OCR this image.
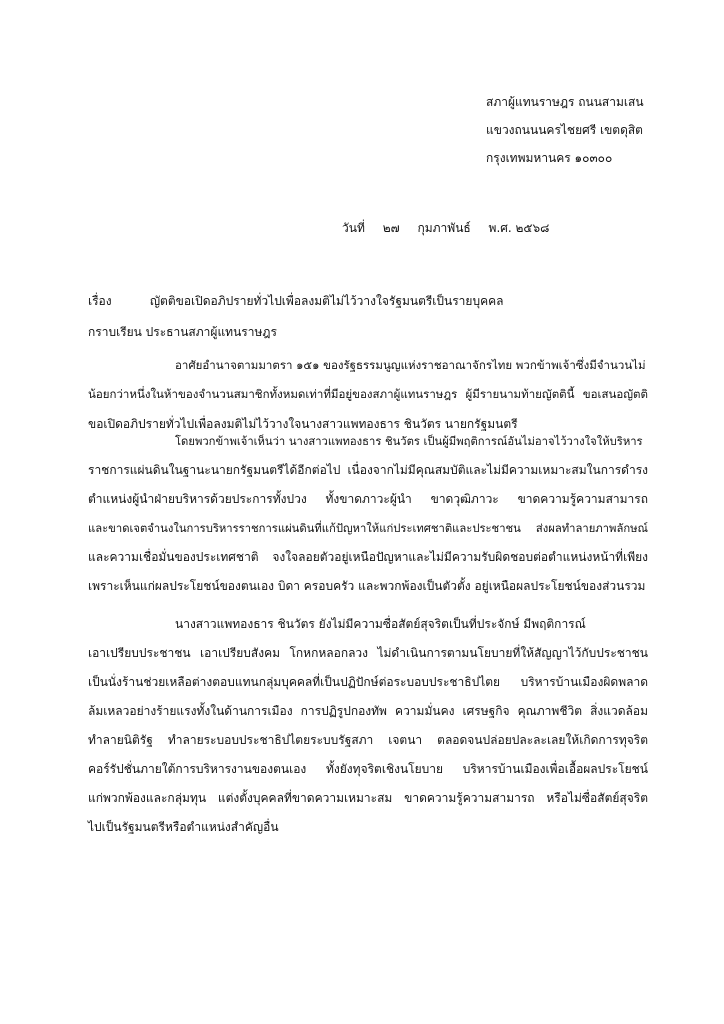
สภาผู้แทนราษฎร ถนนสามเสน
แขวงถนนนครไชยศรี เขตดุสิต
กรุงเทพมหานคร ๑๐๓๐๐
วันที่ ๒๗ กุมภาพันธ์ พ.ศ. ๒๕๖๘
เรื่อง	ญัตติขอเปิดอภิปรายทั่วไปเพื่อลงมติไม่ไว้วางใจรัฐมนตรีเป็นรายบุคคล
กราบเรียน ประธานสภาผู้แทนราษฎร
อาศัยอำนาจตามมาตรา ๑๕๑ ของรัฐธรรมนูญแห่งราชอาณาจักรไทย พวกข้าพเจ้าซึ่งมีจำนวนไม่
น้อยกว่าหนึ่งในห้าของจำนวนสมาชิกทั้งหมดเท่าที่มีอยู่ของสภาผู้แทนราษฎร ผู้มีรายนามท้ายญัตตินี้ ขอเสนอญัตติ
ขอเปิดอภิปรายทั่วไปเพื่อลงมติไม่ไว้วางใจนางสาวแพทองธาร ชินวัตร นายกรัฐมนตรี
โดยพวกข้าพเจ้าเห็นว่า นางสาวแพทองธาร ชินวัตร เป็นผู้มีพฤติการณ์อันไม่อาจไว้วางใจให้บริหาร
ราชการแผ่นดินในฐานะนายกรัฐมนตรีได้อีกต่อไป เนื่องจากไม่มีคุณสมบัติและไม่มีความเหมาะสมในการดำรง
ตำแหน่งผู้นำฝ่ายบริหารด้วยประการทั้งปวง ทั้งขาดภาวะผู้นำ ขาดวุฒิภาวะ ขาดความรู้ความสามารถ
และขาดเจตจำนงในการบริหารราชการแผ่นดินที่แก้ปัญหาให้แก่ประเทศชาติและประชาชน ส่งผลทำลายภาพลักษณ์
และความเชื่อมั่นของประเทศชาติ จงใจลอยตัวอยู่เหนือปัญหาและไม่มีความรับผิดชอบต่อตำแหน่งหน้าที่เพียง
เพราะเห็นแก่ผลประโยชน์ของตนเอง บิดา ครอบครัว และพวกพ้องเป็นตัวตั้ง อยู่เหนือผลประโยชน์ของส่วนรวม
นางสาวแพทองธาร ชินวัตร ยังไม่มีความซื่อสัตย์สุจริตเป็นที่ประจักษ์ มีพฤติการณ์
เอาเปรียบประชาชน เอาเปรียบสังคม โกหกหลอกลวง ไม่ดำเนินการตามนโยบายที่ให้สัญญาไว้กับประชาชน
เป็นนั่งร้านช่วยเหลือต่างตอบแทนกลุ่มบุคคลที่เป็นปฏิปักษ์ต่อระบอบประชาธิปไตย บริหารบ้านเมืองผิดพลาด
ล้มเหลวอย่างร้ายแรงทั้งในด้านการเมือง การปฏิรูปกองทัพ ความมั่นคง เศรษฐกิจ คุณภาพชีวิต สิ่งแวดล้อม
ทำลายนิติรัฐ ทำลายระบอบประชาธิปไตยระบบรัฐสภา เจตนา ตลอดจนปล่อยปละละเลยให้เกิดการทุจริต
คอร์รัปชั่นภายใต้การบริหารงานของตนเอง ทั้งยังทุจริตเชิงนโยบาย บริหารบ้านเมืองเพื่อเอื้อผลประโยชน์
แก่พวกพ้องและกลุ่มทุน แต่งตั้งบุคคลที่ขาดความเหมาะสม ขาดความรู้ความสามารถ หรือไม่ซื่อสัตย์สุจริต
ไปเป็นรัฐมนตรีหรือตำแหน่งสำคัญอื่น
